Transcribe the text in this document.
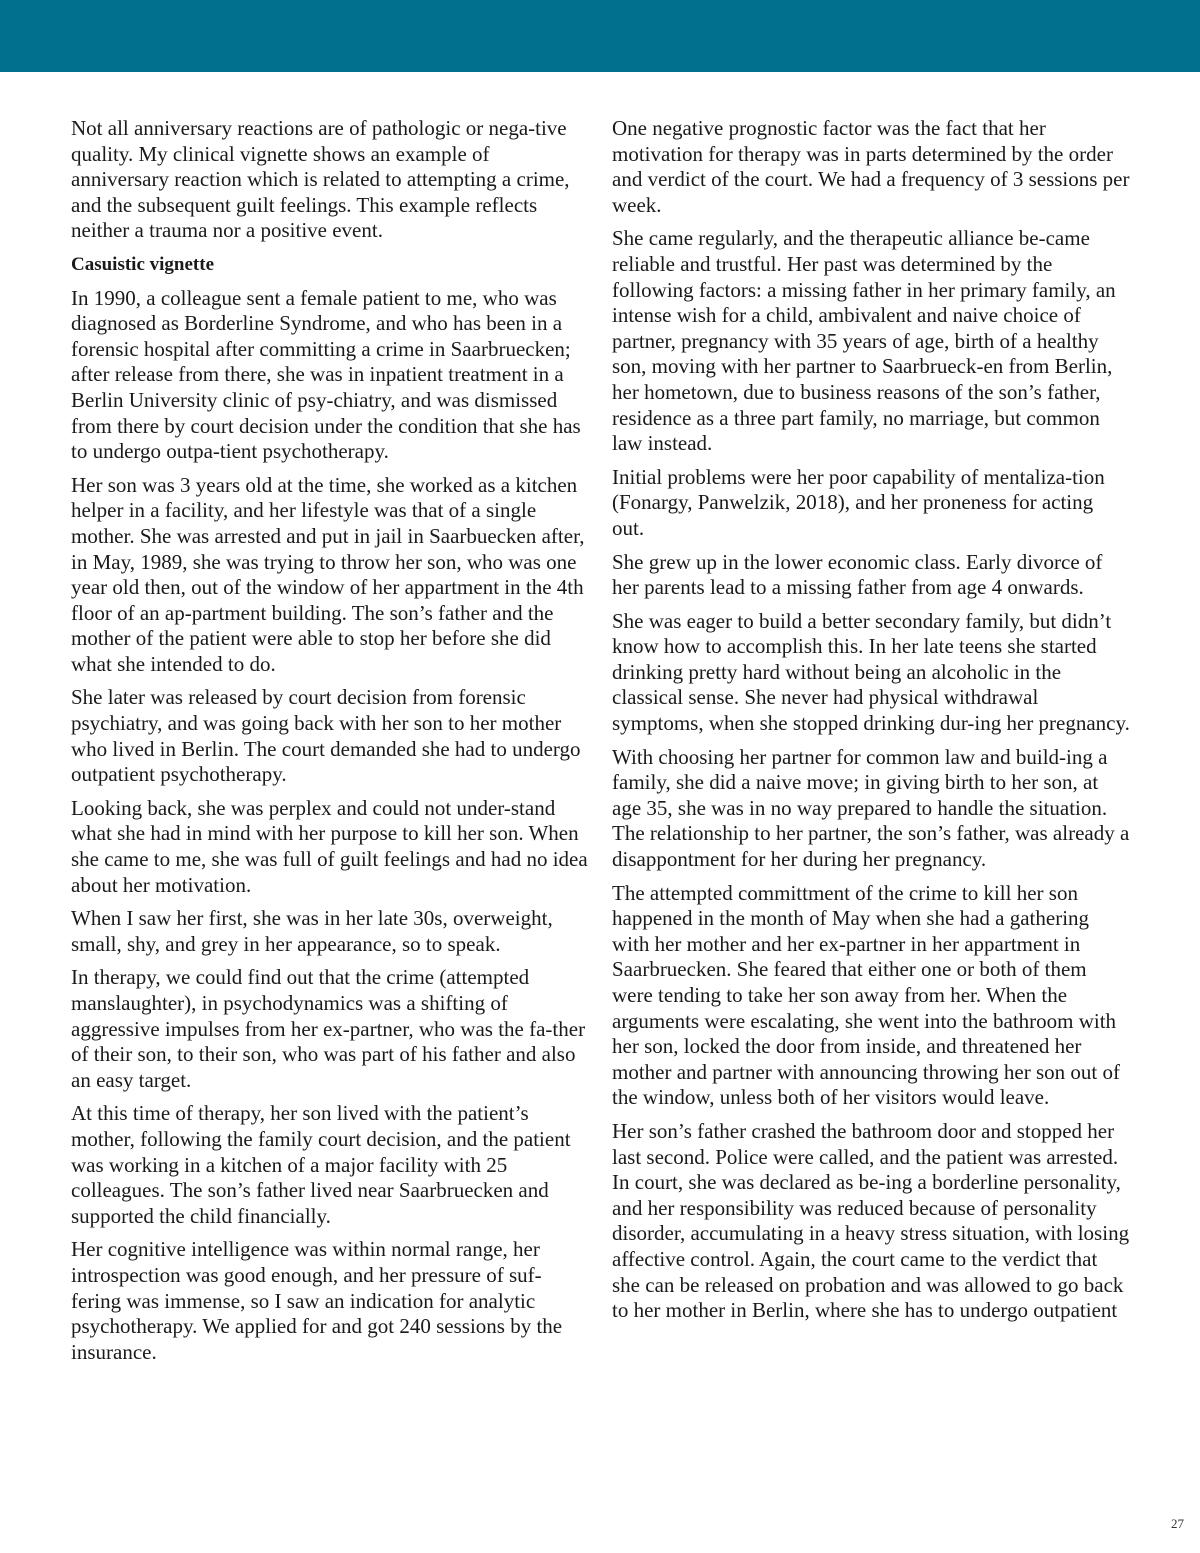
Not all anniversary reactions are of pathologic or nega-tive quality. My clinical vignette shows an example of anniversary reaction which is related to attempting a crime, and the subsequent guilt feelings. This example reflects neither a trauma nor a positive event.

Casuistic vignette

In 1990, a colleague sent a female patient to me, who was diagnosed as Borderline Syndrome, and who has been in a forensic hospital after committing a crime in Saarbruecken; after release from there, she was in inpatient treatment in a Berlin University clinic of psy-chiatry, and was dismissed from there by court decision under the condition that she has to undergo outpa-tient psychotherapy.

Her son was 3 years old at the time, she worked as a kitchen helper in a facility, and her lifestyle was that of a single mother. She was arrested and put in jail in Saarbuecken after, in May, 1989, she was trying to throw her son, who was one year old then, out of the window of her appartment in the 4th floor of an ap-partment building. The son’s father and the mother of the patient were able to stop her before she did what she intended to do.

She later was released by court decision from forensic psychiatry, and was going back with her son to her mother who lived in Berlin. The court demanded she had to undergo outpatient psychotherapy.

Looking back, she was perplex and could not under-stand what she had in mind with her purpose to kill her son. When she came to me, she was full of guilt feelings and had no idea about her motivation.

When I saw her first, she was in her late 30s, overweight, small, shy, and grey in her appearance, so to speak.

In therapy, we could find out that the crime (attempted manslaughter), in psychodynamics was a shifting of aggressive impulses from her ex-partner, who was the fa-ther of their son, to their son, who was part of his father and also an easy target.

At this time of therapy, her son lived with the patient’s mother, following the family court decision, and the patient was working in a kitchen of a major facility with 25 colleagues. The son’s father lived near Saarbruecken and supported the child financially.

Her cognitive intelligence was within normal range, her introspection was good enough, and her pressure of suf-fering was immense, so I saw an indication for analytic psychotherapy. We applied for and got 240 sessions by the insurance.

One negative prognostic factor was the fact that her motivation for therapy was in parts determined by the order and verdict of the court. We had a frequency of 3 sessions per week.

She came regularly, and the therapeutic alliance be-came reliable and trustful. Her past was determined by the following factors: a missing father in her primary family, an intense wish for a child, ambivalent and naive choice of partner, pregnancy with 35 years of age, birth of a healthy son, moving with her partner to Saarbrueck-en from Berlin, her hometown, due to business reasons of the son’s father, residence as a three part family, no marriage, but common law instead.

Initial problems were her poor capability of mentaliza-tion (Fonargy, Panwelzik, 2018), and her proneness for acting out.

She grew up in the lower economic class. Early divorce of her parents lead to a missing father from age 4 onwards.

She was eager to build a better secondary family, but didn’t know how to accomplish this. In her late teens she started drinking pretty hard without being an alcoholic in the classical sense. She never had physical withdrawal symptoms, when she stopped drinking dur-ing her pregnancy.

With choosing her partner for common law and build-ing a family, she did a naive move; in giving birth to her son, at age 35, she was in no way prepared to handle the situation. The relationship to her partner, the son’s father, was already a disappontment for her during her pregnancy.

The attempted committment of the crime to kill her son happened in the month of May when she had a gathering with her mother and her ex-partner in her appartment in Saarbruecken. She feared that either one or both of them were tending to take her son away from her. When the arguments were escalating, she went into the bathroom with her son, locked the door from inside, and threatened her mother and partner with announcing throwing her son out of the window, unless both of her visitors would leave.

Her son’s father crashed the bathroom door and stopped her last second. Police were called, and the patient was arrested. In court, she was declared as be-ing a borderline personality, and her responsibility was reduced because of personality disorder, accumulating in a heavy stress situation, with losing affective control. Again, the court came to the verdict that she can be released on probation and was allowed to go back to her mother in Berlin, where she has to undergo outpatient

27
